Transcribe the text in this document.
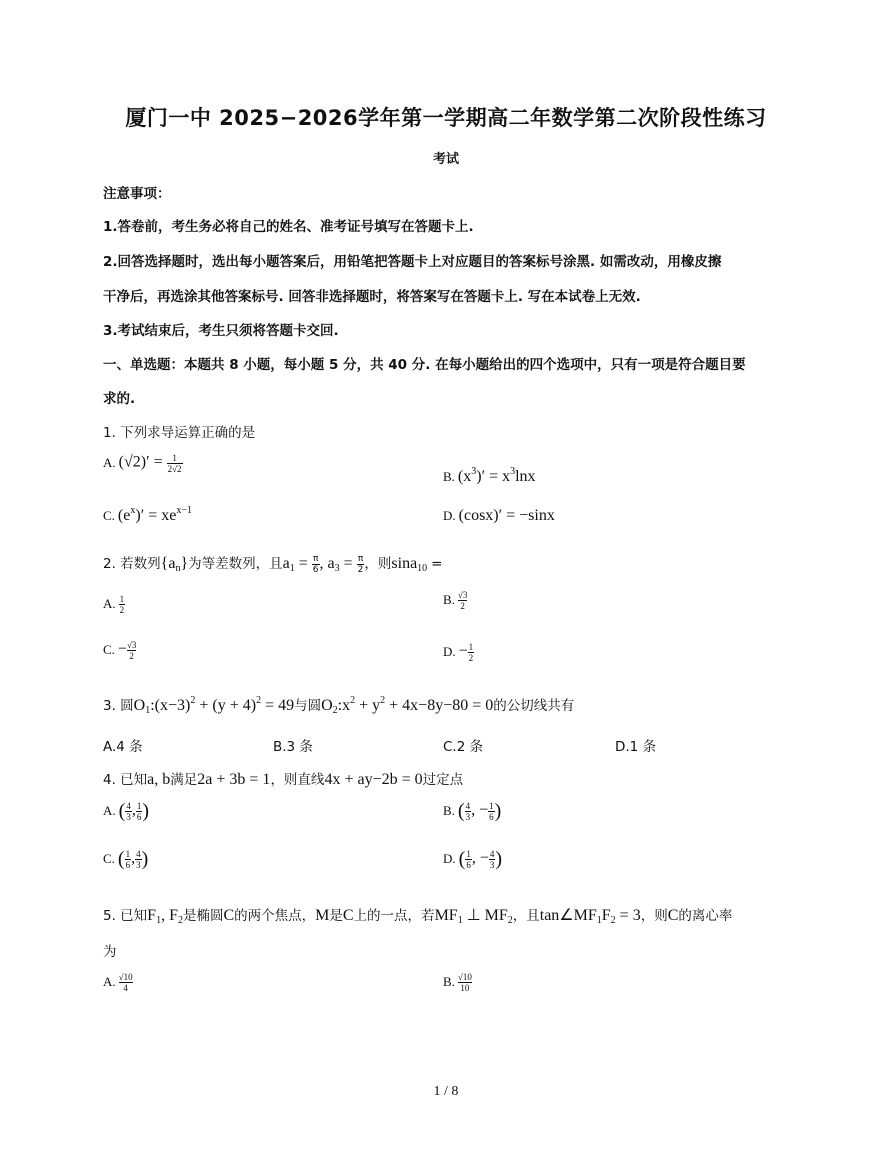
厦门一中 2025−2026学年第一学期高二年数学第二次阶段性练习
考试
注意事项：
1.答卷前，考生务必将自己的姓名、准考证号填写在答题卡上.
2.回答选择题时，选出每小题答案后，用铅笔把答题卡上对应题目的答案标号涂黑. 如需改动，用橡皮擦
干净后，再选涂其他答案标号. 回答非选择题时，将答案写在答题卡上. 写在本试卷上无效.
3.考试结束后，考生只须将答题卡交回.
一、单选题：本题共 8 小题，每小题 5 分，共 40 分. 在每小题给出的四个选项中，只有一项是符合题目要
求的.
1. 下列求导运算正确的是
A. $(√2)' = \frac{1}{2√2}$
B. $(x^3)' = x^3\ln x$
C. $(e^x)' = xe^{x-1}$	D. (cosx)′ = −sinx
2. 若数列$\{a_n\}$为等差数列，且$a_1 = \frac{\pi}{6}$ , $a_3 = \frac{\pi}{2}$ ，则sina$_{10}$ =
A. $\frac{1}{2}$	B. $\frac{√3}{2}$
C. − $\frac{√3}{2}$	D. − $\frac{1}{2}$
3. 圆$O_1:(x-3)^2 + (y + 4)^2 = 49$与圆$O_2:x^2 + y^2 + 4x-8y-80 = 0$的公切线共有
A.4 条	B.3 条	C.2 条	D.1 条
4. 已知a, b满足2a + 3b = 1，则直线4x + ay−2b = 0过定点
A. ( $\frac{4}{3}$ , $\frac{1}{6}$ )	B. ( $\frac{4}{3}$ , − $\frac{1}{6}$ )
C. ( $\frac{1}{6}$ , $\frac{4}{3}$ )	D. ( $\frac{1}{6}$ , − $\frac{4}{3}$ )
5. 已知$F_1$, $F_2$是椭圆C的两个焦点，M是C上的一点，若$MF_1$ ⊥ $MF_2$，且$\tan\angle MF_1F_2 = 3$，则C的离心率
为
A. $\frac{√10}{4}$	B. $\frac{√10}{10}$
1 / 8
